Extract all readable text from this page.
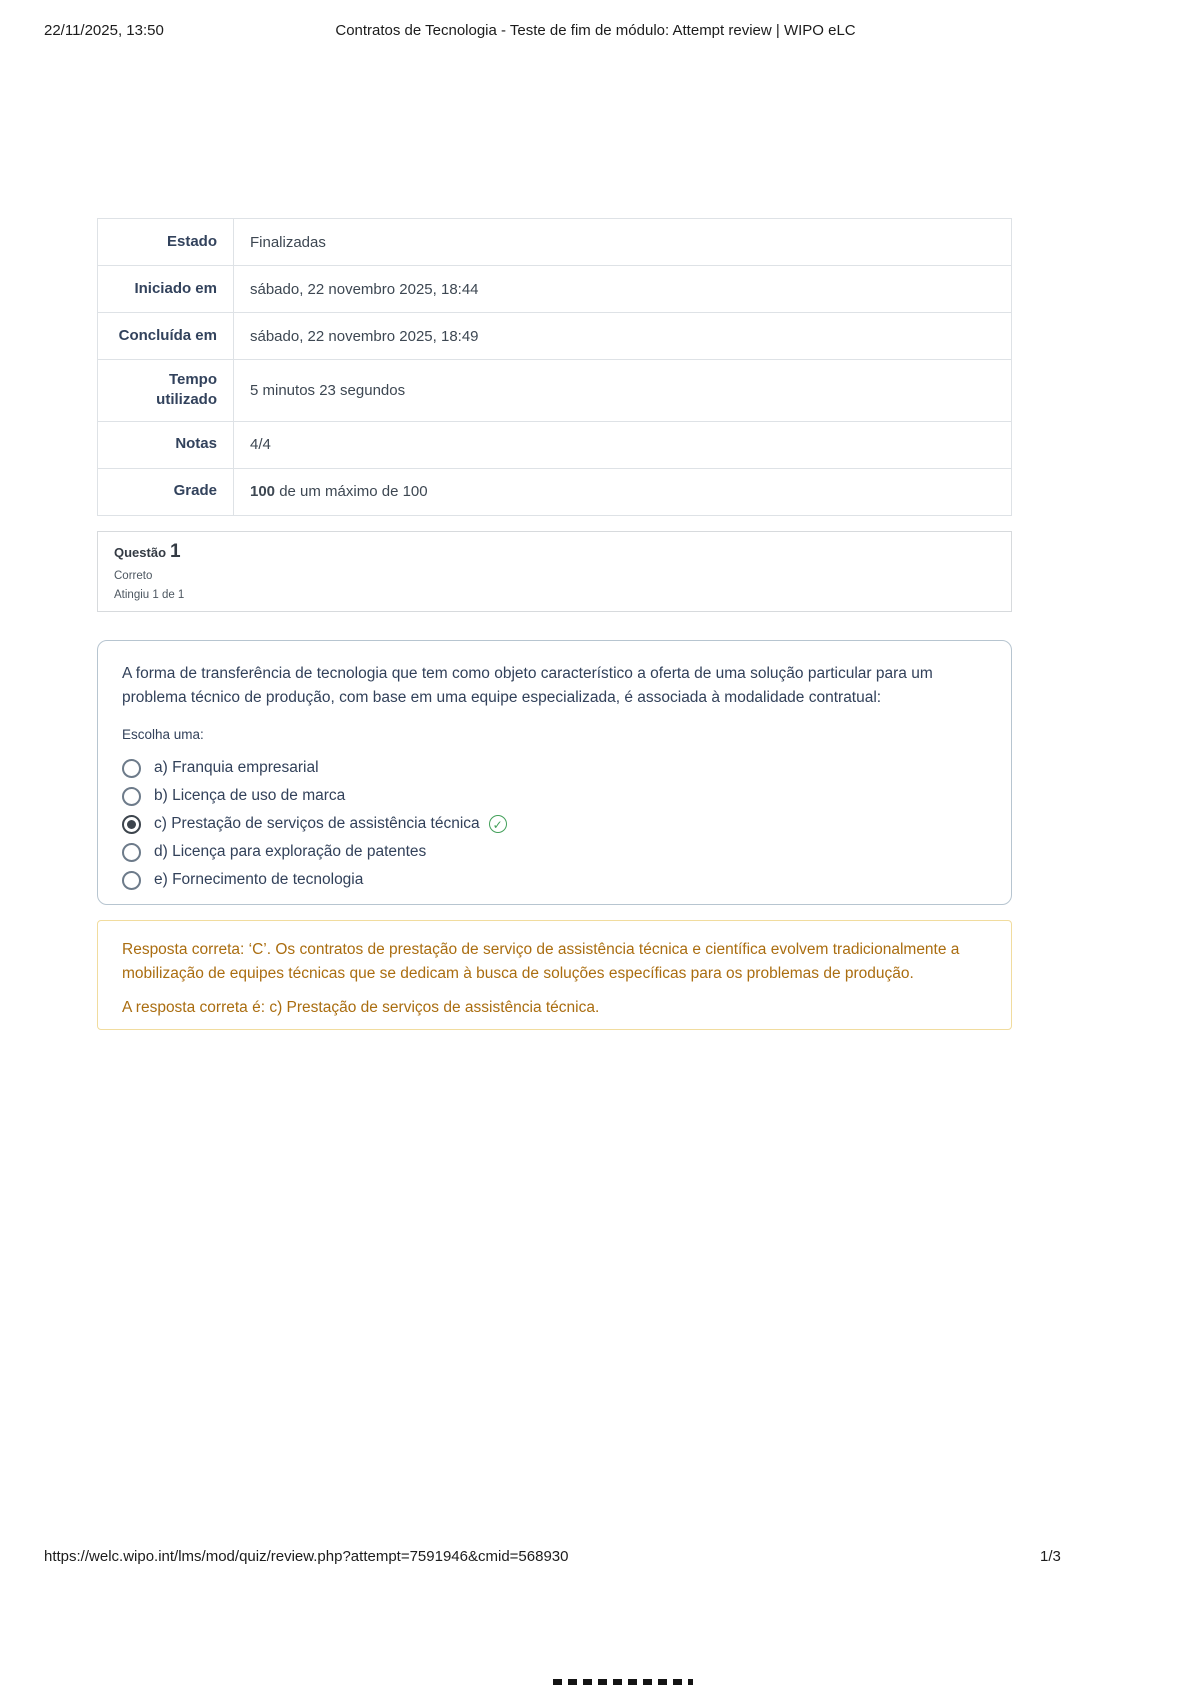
22/11/2025, 13:50	Contratos de Tecnologia - Teste de fim de módulo: Attempt review | WIPO eLC
Estado	Finalizadas
Iniciado em	sábado, 22 novembro 2025, 18:44
Concluída em	sábado, 22 novembro 2025, 18:49
Tempo utilizado	5 minutos 23 segundos
Notas	4/4
Grade	100 de um máximo de 100
Questão 1
Correto
Atingiu 1 de 1
A forma de transferência de tecnologia que tem como objeto característico a oferta de uma solução particular para um problema técnico de produção, com base em uma equipe especializada, é associada à modalidade contratual:
Escolha uma:
a) Franquia empresarial
b) Licença de uso de marca
c) Prestação de serviços de assistência técnica	✓
d) Licença para exploração de patentes
e) Fornecimento de tecnologia

Resposta correta: ‘C’. Os contratos de prestação de serviço de assistência técnica e científica evolvem tradicionalmente a mobilização de equipes técnicas que se dedicam à busca de soluções específicas para os problemas de produção.

A resposta correta é: c) Prestação de serviços de assistência técnica.

https://welc.wipo.int/lms/mod/quiz/review.php?attempt=7591946&cmid=568930	1/3
